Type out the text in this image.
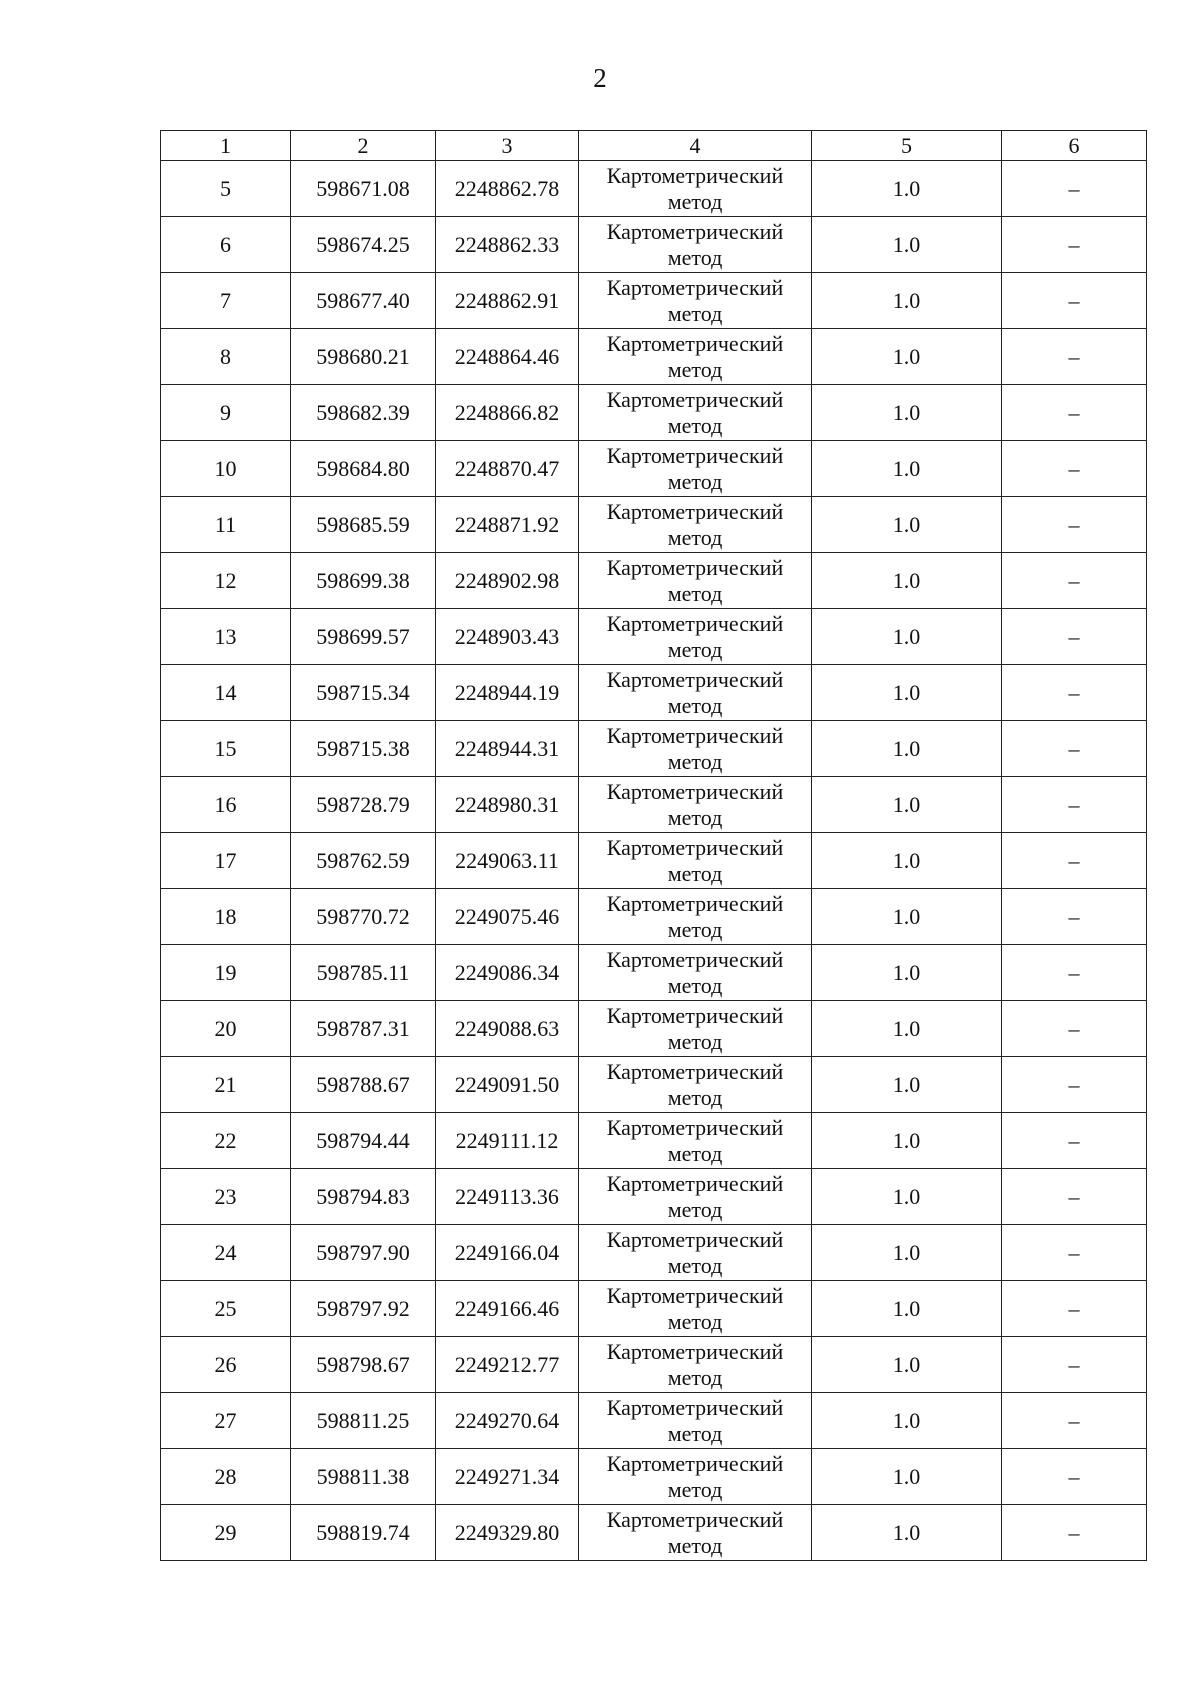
2
1	2	3	4	5	6
5	598671.08	2248862.78	Картометрический метод	1.0	–
6	598674.25	2248862.33	Картометрический метод	1.0	–
7	598677.40	2248862.91	Картометрический метод	1.0	–
8	598680.21	2248864.46	Картометрический метод	1.0	–
9	598682.39	2248866.82	Картометрический метод	1.0	–
10	598684.80	2248870.47	Картометрический метод	1.0	–
11	598685.59	2248871.92	Картометрический метод	1.0	–
12	598699.38	2248902.98	Картометрический метод	1.0	–
13	598699.57	2248903.43	Картометрический метод	1.0	–
14	598715.34	2248944.19	Картометрический метод	1.0	–
15	598715.38	2248944.31	Картометрический метод	1.0	–
16	598728.79	2248980.31	Картометрический метод	1.0	–
17	598762.59	2249063.11	Картометрический метод	1.0	–
18	598770.72	2249075.46	Картометрический метод	1.0	–
19	598785.11	2249086.34	Картометрический метод	1.0	–
20	598787.31	2249088.63	Картометрический метод	1.0	–
21	598788.67	2249091.50	Картометрический метод	1.0	–
22	598794.44	2249111.12	Картометрический метод	1.0	–
23	598794.83	2249113.36	Картометрический метод	1.0	–
24	598797.90	2249166.04	Картометрический метод	1.0	–
25	598797.92	2249166.46	Картометрический метод	1.0	–
26	598798.67	2249212.77	Картометрический метод	1.0	–
27	598811.25	2249270.64	Картометрический метод	1.0	–
28	598811.38	2249271.34	Картометрический метод	1.0	–
29	598819.74	2249329.80	Картометрический метод	1.0	–
